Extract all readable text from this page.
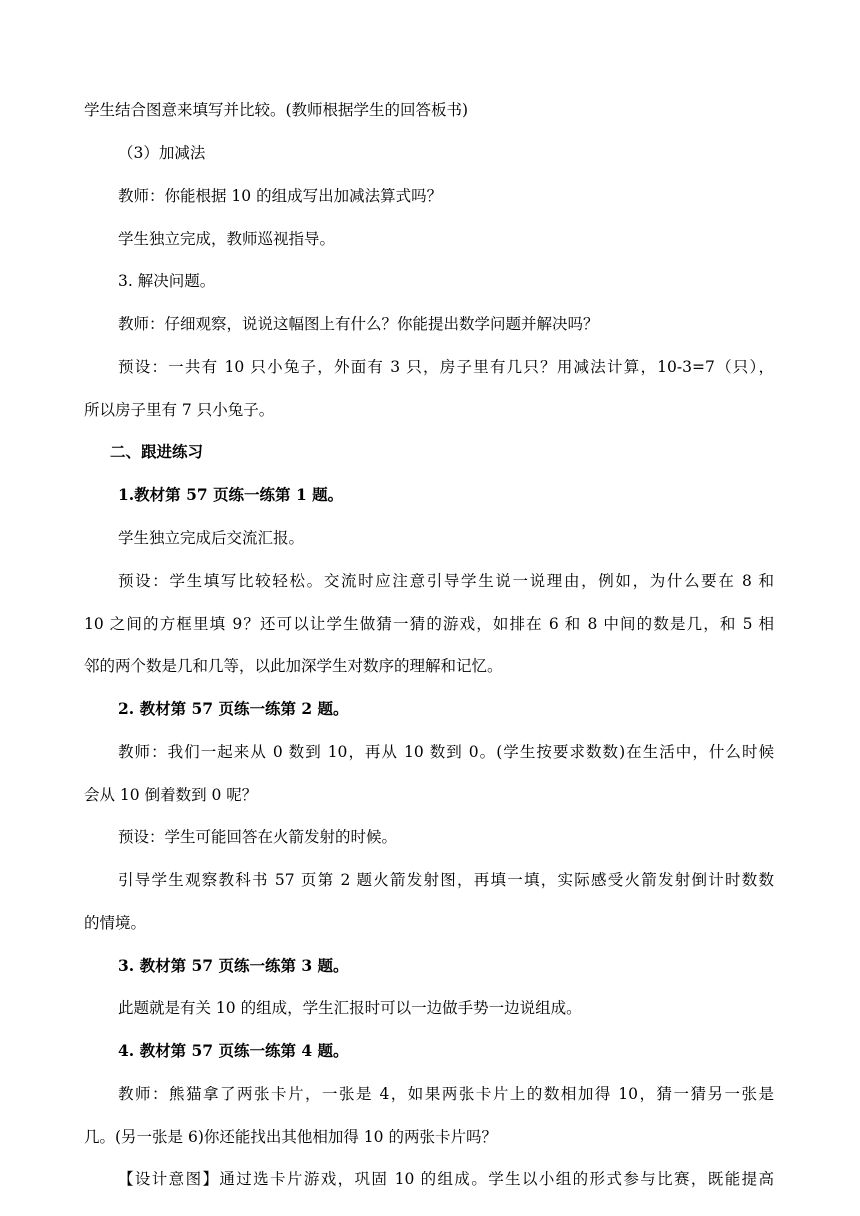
学生结合图意来填写并比较。(教师根据学生的回答板书)
（3）加减法
教师：你能根据 10 的组成写出加减法算式吗？
学生独立完成，教师巡视指导。
3. 解决问题。
教师：仔细观察，说说这幅图上有什么？你能提出数学问题并解决吗？
预设：一共有 10 只小兔子，外面有 3 只，房子里有几只？用减法计算，10-3=7（只），
所以房子里有 7 只小兔子。
二、跟进练习
1.教材第 57 页练一练第 1 题。
学生独立完成后交流汇报。
预设：学生填写比较轻松。交流时应注意引导学生说一说理由，例如，为什么要在 8 和
10 之间的方框里填 9？还可以让学生做猜一猜的游戏，如排在 6 和 8 中间的数是几，和 5 相
邻的两个数是几和几等，以此加深学生对数序的理解和记忆。
2. 教材第 57 页练一练第 2 题。
教师：我们一起来从 0 数到 10，再从 10 数到 0。(学生按要求数数)在生活中，什么时候
会从 10 倒着数到 0 呢？
预设：学生可能回答在火箭发射的时候。
引导学生观察教科书 57 页第 2 题火箭发射图，再填一填，实际感受火箭发射倒计时数数
的情境。
3. 教材第 57 页练一练第 3 题。
此题就是有关 10 的组成，学生汇报时可以一边做手势一边说组成。
4. 教材第 57 页练一练第 4 题。
教师：熊猫拿了两张卡片，一张是 4，如果两张卡片上的数相加得 10，猜一猜另一张是
几。(另一张是 6)你还能找出其他相加得 10 的两张卡片吗？
【设计意图】通过选卡片游戏，巩固 10 的组成。学生以小组的形式参与比赛，既能提高
